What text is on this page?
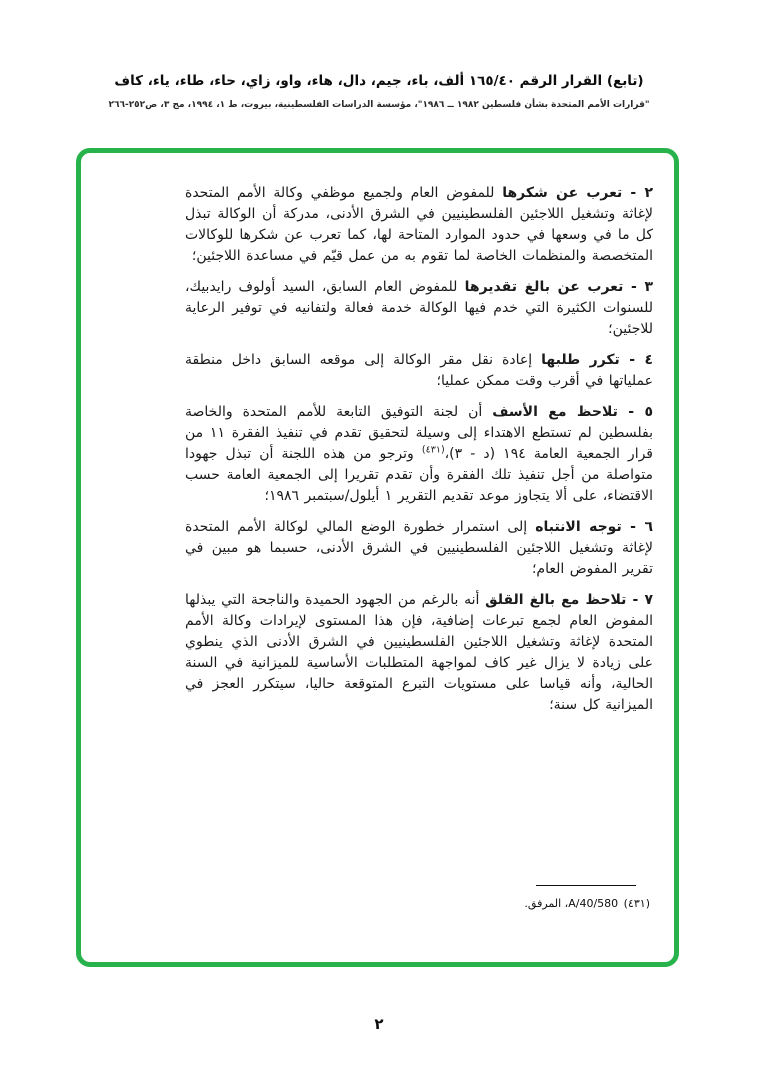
(تابع) القرار الرقم ١٦٥/٤٠ ألف، باء، جيم، دال، هاء، واو، زاي، حاء، طاء، ياء، كاف
"قرارات الأمم المتحدة بشأن فلسطين ١٩٨٢ ــ ١٩٨٦"، مؤسسة الدراسات الفلسطينية، بيروت، ط ١، ١٩٩٤، مج ٣، ص٢٥٢-٢٦٦

٢ - تعرب عن شكرها للمفوض العام ولجميع موظفي وكالة الأمم المتحدة لإغاثة وتشغيل اللاجئين الفلسطينيين في الشرق الأدنى، مدركة أن الوكالة تبذل كل ما في وسعها في حدود الموارد المتاحة لها، كما تعرب عن شكرها للوكالات المتخصصة والمنظمات الخاصة لما تقوم به من عمل قيّم في مساعدة اللاجئين؛

٣ - تعرب عن بالغ تقديرها للمفوض العام السابق، السيد أولوف رايدبيك، للسنوات الكثيرة التي خدم فيها الوكالة خدمة فعالة ولتفانيه في توفير الرعاية للاجئين؛

٤ - تكرر طلبها إعادة نقل مقر الوكالة إلى موقعه السابق داخل منطقة عملياتها في أقرب وقت ممكن عمليا؛

٥ - تلاحظ مع الأسف أن لجنة التوفيق التابعة للأمم المتحدة والخاصة بفلسطين لم تستطع الاهتداء إلى وسيلة لتحقيق تقدم في تنفيذ الفقرة ١١ من قرار الجمعية العامة ١٩٤ (د - ٣)،$^{(٤٣١)}$ وترجو من هذه اللجنة أن تبذل جهودا متواصلة من أجل تنفيذ تلك الفقرة وأن تقدم تقريرا إلى الجمعية العامة حسب الاقتضاء، على ألا يتجاوز موعد تقديم التقرير ١ أيلول/سبتمبر ١٩٨٦؛

٦ - توجه الانتباه إلى استمرار خطورة الوضع المالي لوكالة الأمم المتحدة لإغاثة وتشغيل اللاجئين الفلسطينيين في الشرق الأدنى، حسبما هو مبين في تقرير المفوض العام؛

٧ - تلاحظ مع بالغ القلق أنه بالرغم من الجهود الحميدة والناجحة التي يبذلها المفوض العام لجمع تبرعات إضافية، فإن هذا المستوى لإيرادات وكالة الأمم المتحدة لإغاثة وتشغيل اللاجئين الفلسطينيين في الشرق الأدنى الذي ينطوي على زيادة لا يزال غير كاف لمواجهة المتطلبات الأساسية للميزانية في السنة الحالية، وأنه قياسا على مستويات التبرع المتوقعة حاليا، سيتكرر العجز في الميزانية كل سنة؛

(٤٣١) A/40/580، المرفق.
٢
